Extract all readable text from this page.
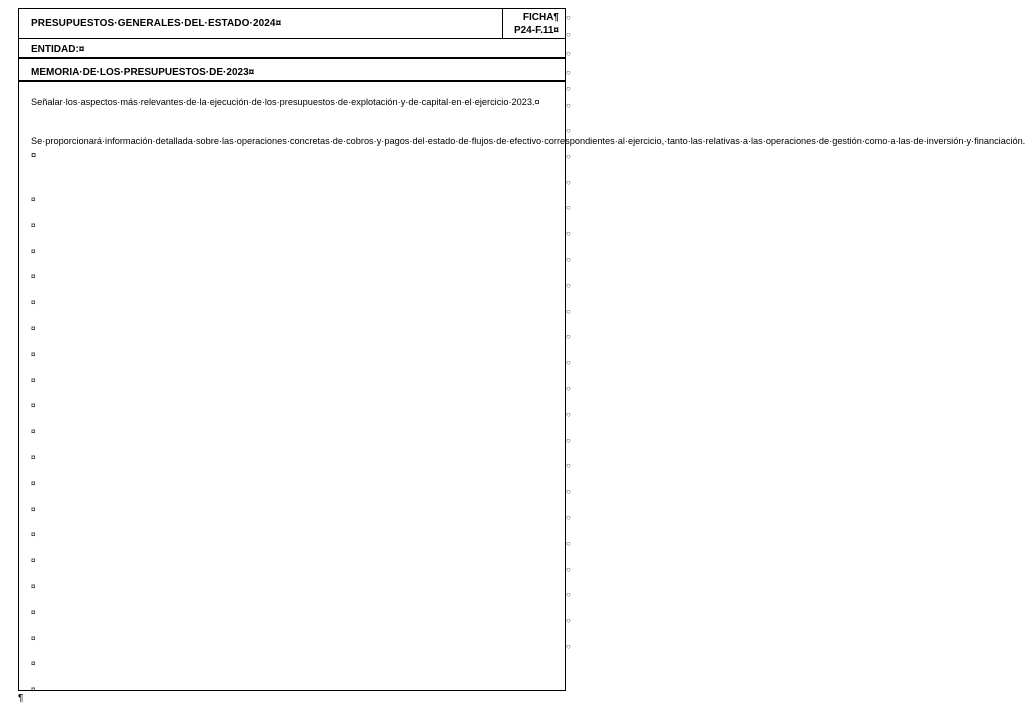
PRESUPUESTOS·GENERALES·DEL·ESTADO·2024¤
FICHA¶
P24-F.11¤
ENTIDAD:¤
MEMORIA·DE·LOS·PRESUPUESTOS·DE·2023¤
Señalar·los·aspectos·más·relevantes·de·la·ejecución·de·los·presupuestos·de·explotación·y·de·capital·en·el·ejercicio·2023.¤
Se·proporcionará·información·detallada·sobre·las·operaciones·concretas·de·cobros·y·pagos·del·estado·de·flujos·de·efectivo·correspondientes·al·ejercicio,·tanto·las·relativas·a·las·operaciones·de·gestión·como·a·las·de·inversión·y·financiación.¤
¤
¤
¤
¤
¤
¤
¤
¤
¤
¤
¤
¤
¤
¤
¤
¤
¤
¤
¤
¤
○
○
○
○
○
○
○
○
○
○
○
○
○
○
○
○
○
○
○
○
○
○
○
○
○
○
○
¶
